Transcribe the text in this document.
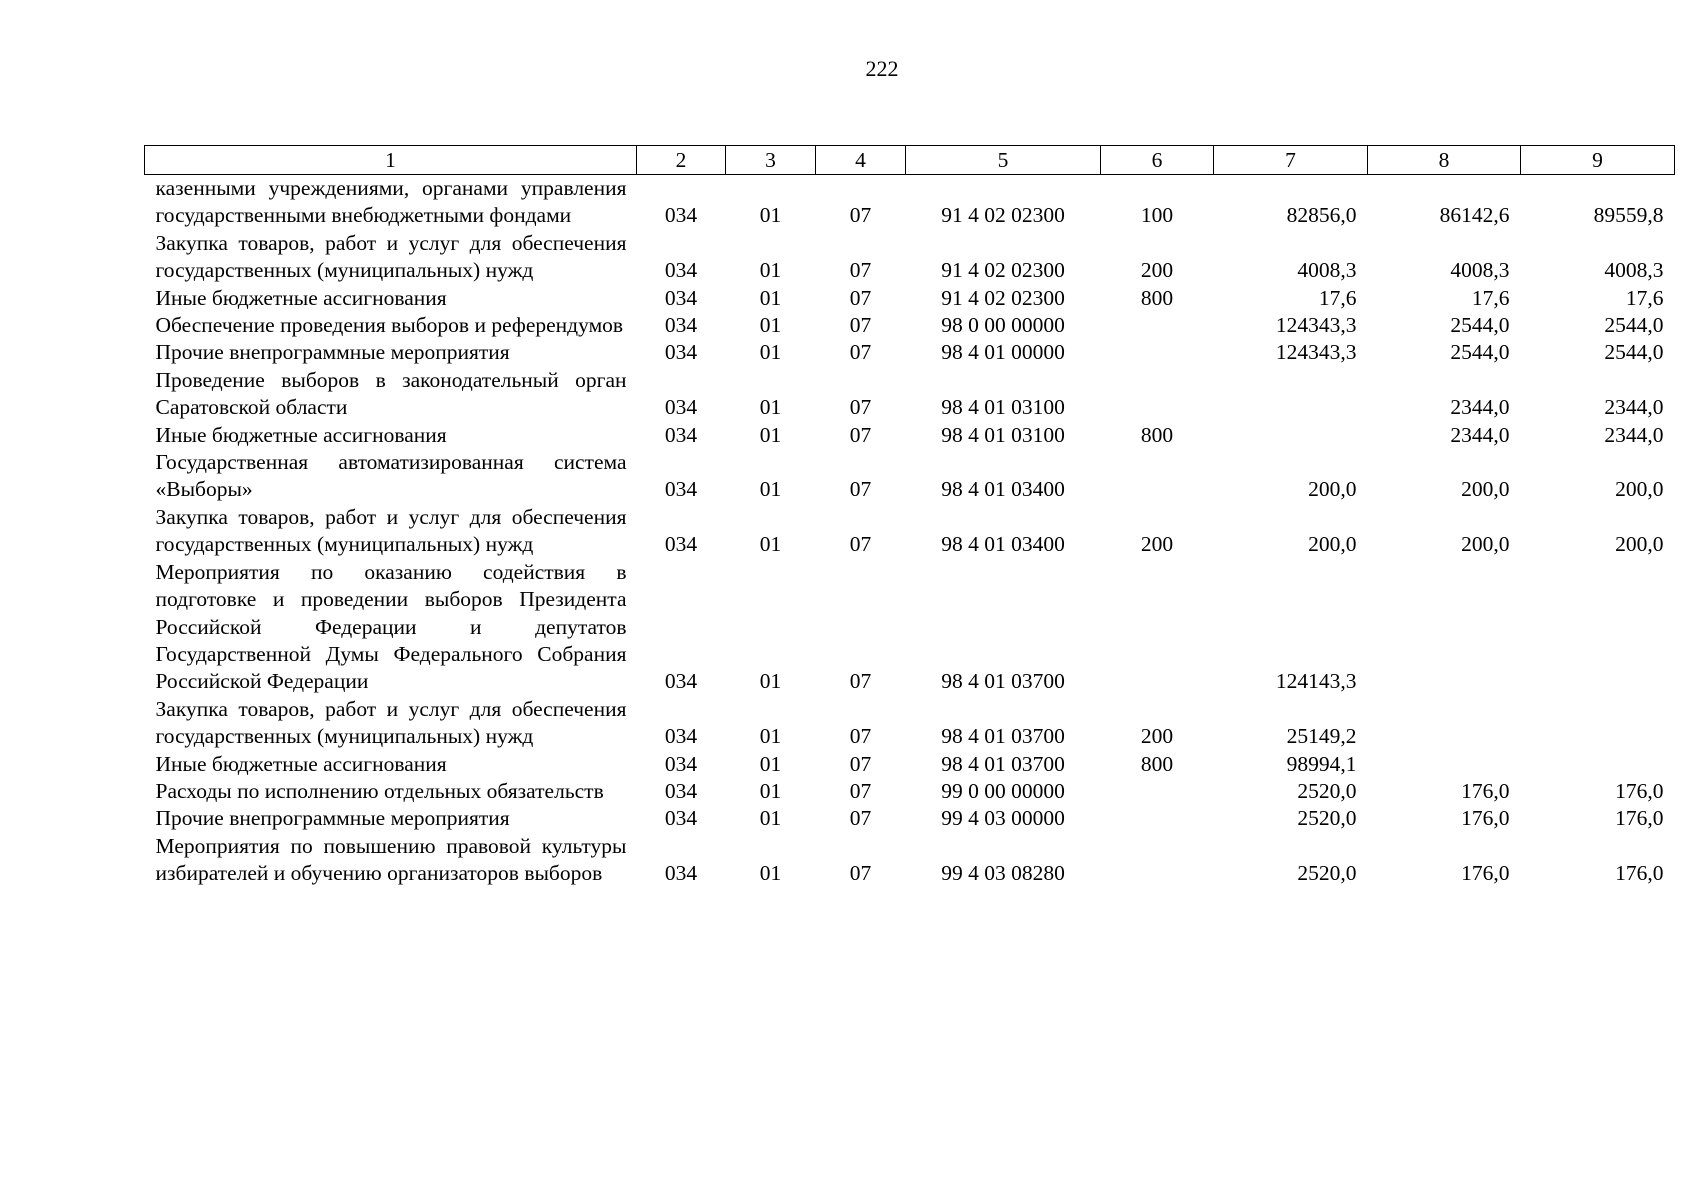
222
1	2	3	4	5	6	7	8	9
казенными учреждениями, органами управления государственными внебюджетными фондами	034	01	07	91 4 02 02300	100	82856,0	86142,6	89559,8
Закупка товаров, работ и услуг для обеспечения государственных (муниципальных) нужд	034	01	07	91 4 02 02300	200	4008,3	4008,3	4008,3
Иные бюджетные ассигнования	034	01	07	91 4 02 02300	800	17,6	17,6	17,6
Обеспечение проведения выборов и референдумов	034	01	07	98 0 00 00000		124343,3	2544,0	2544,0
Прочие внепрограммные мероприятия	034	01	07	98 4 01 00000		124343,3	2544,0	2544,0
Проведение выборов в законодательный орган Саратовской области	034	01	07	98 4 01 03100			2344,0	2344,0
Иные бюджетные ассигнования	034	01	07	98 4 01 03100	800		2344,0	2344,0
Государственная автоматизированная система «Выборы»	034	01	07	98 4 01 03400		200,0	200,0	200,0
Закупка товаров, работ и услуг для обеспечения государственных (муниципальных) нужд	034	01	07	98 4 01 03400	200	200,0	200,0	200,0
Мероприятия по оказанию содействия в подготовке и проведении выборов Президента Российской Федерации и депутатов Государственной Думы Федерального Собрания Российской Федерации	034	01	07	98 4 01 03700		124143,3		
Закупка товаров, работ и услуг для обеспечения государственных (муниципальных) нужд	034	01	07	98 4 01 03700	200	25149,2		
Иные бюджетные ассигнования	034	01	07	98 4 01 03700	800	98994,1		
Расходы по исполнению отдельных обязательств	034	01	07	99 0 00 00000		2520,0	176,0	176,0
Прочие внепрограммные мероприятия	034	01	07	99 4 03 00000		2520,0	176,0	176,0
Мероприятия по повышению правовой культуры избирателей и обучению организаторов выборов	034	01	07	99 4 03 08280		2520,0	176,0	176,0
